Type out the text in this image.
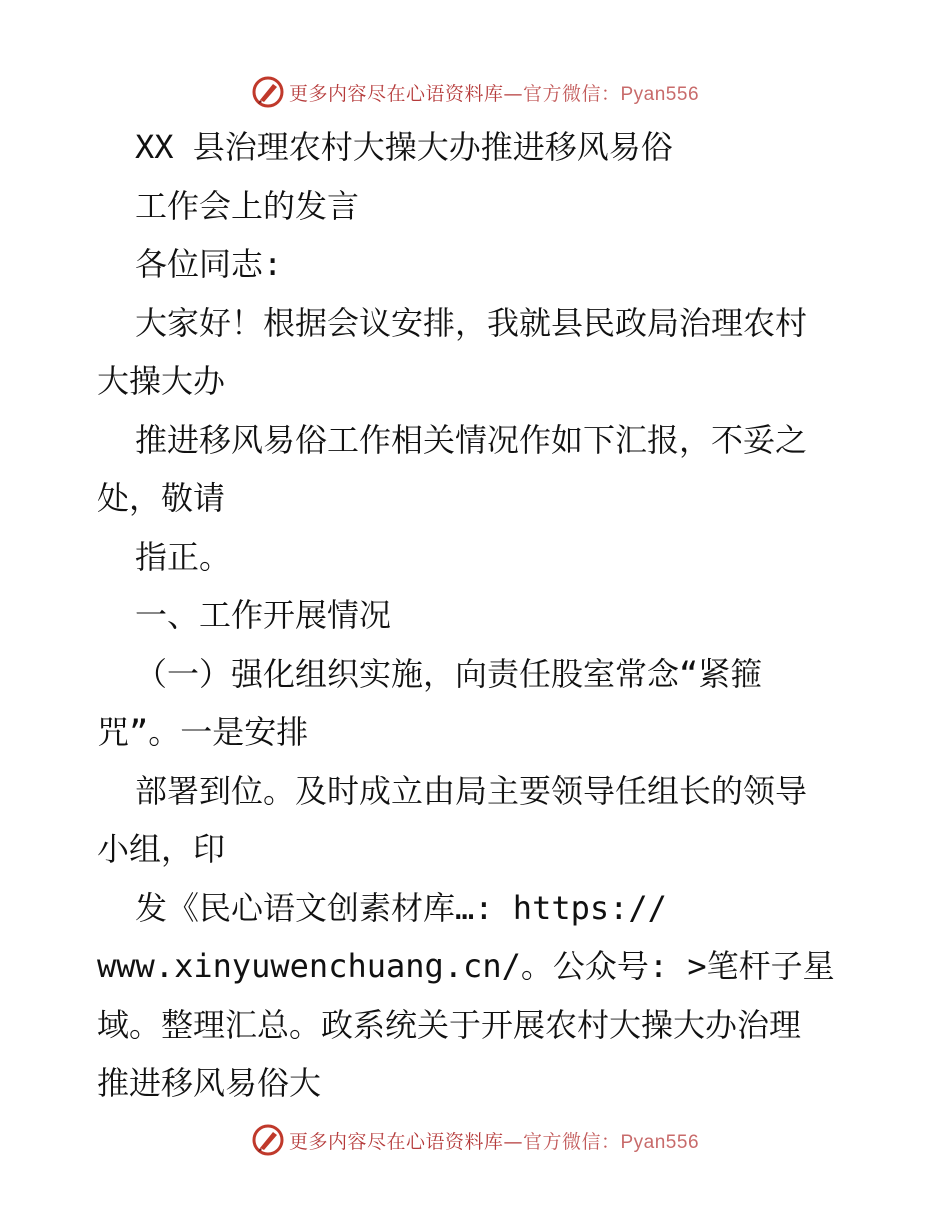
更多内容尽在心语资料库—官方微信：Pyan556
XX 县治理农村大操大办推进移风易俗
工作会上的发言
各位同志:
大家好！根据会议安排，我就县民政局治理农村
大操大办
推进移风易俗工作相关情况作如下汇报，不妥之
处，敬请
指正。
一、工作开展情况
（一）强化组织实施，向责任股室常念“紧箍
咒”。一是安排
部署到位。及时成立由局主要领导任组长的领导
小组，印
发《民心语文创素材库…: https://
www.xinyuwenchuang.cn/。公众号: >笔杆子星
域。整理汇总。政系统关于开展农村大操大办治理
推进移风易俗大
更多内容尽在心语资料库—官方微信：Pyan556
